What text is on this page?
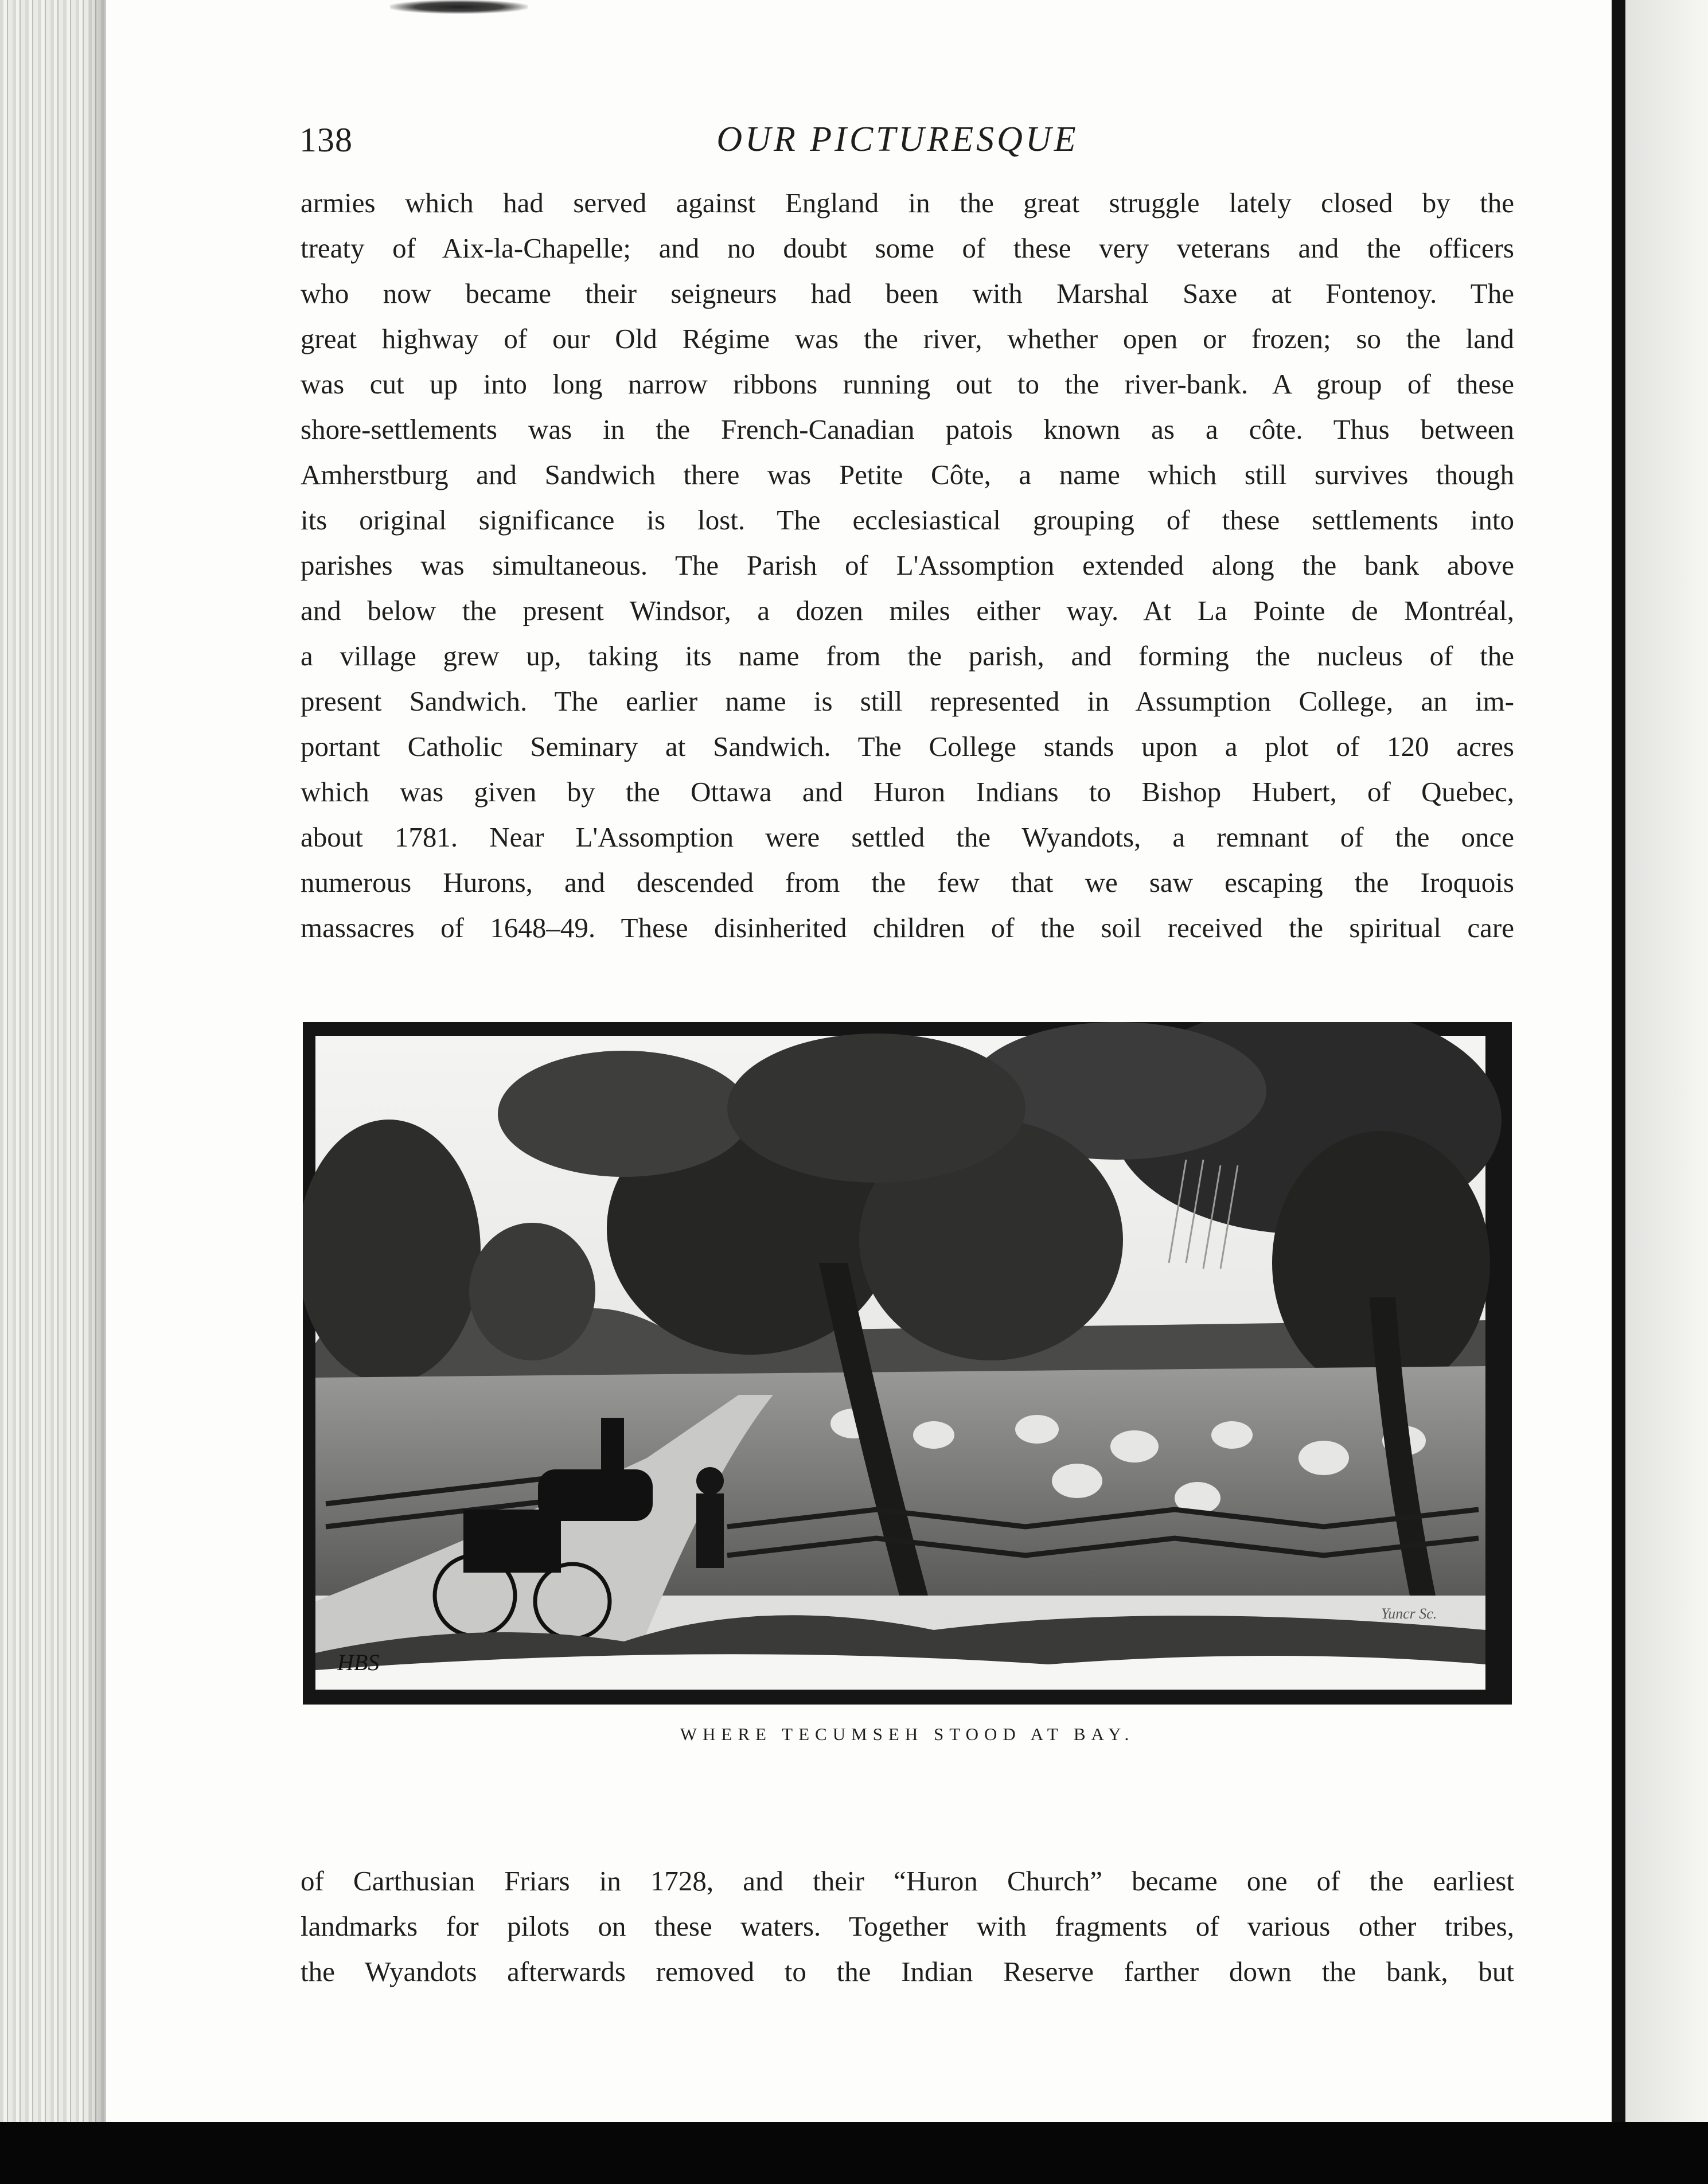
138	OUR PICTURESQUE
armies which had served against England in the great struggle lately closed by the
treaty of Aix-la-Chapelle; and no doubt some of these very veterans and the officers
who now became their seigneurs had been with Marshal Saxe at Fontenoy. The
great highway of our Old Régime was the river, whether open or frozen; so the land
was cut up into long narrow ribbons running out to the river-bank. A group of these
shore-settlements was in the French-Canadian patois known as a côte. Thus between
Amherstburg and Sandwich there was Petite Côte, a name which still survives though
its original significance is lost. The ecclesiastical grouping of these settlements into
parishes was simultaneous. The Parish of L'Assomption extended along the bank above
and below the present Windsor, a dozen miles either way. At La Pointe de Montréal,
a village grew up, taking its name from the parish, and forming the nucleus of the
present Sandwich. The earlier name is still represented in Assumption College, an im-
portant Catholic Seminary at Sandwich. The College stands upon a plot of 120 acres
which was given by the Ottawa and Huron Indians to Bishop Hubert, of Quebec,
about 1781. Near L'Assomption were settled the Wyandots, a remnant of the once
numerous Hurons, and descended from the few that we saw escaping the Iroquois
massacres of 1648–49. These disinherited children of the soil received the spiritual care
HBS
Yuncr Sc.
WHERE TECUMSEH STOOD AT BAY.
of Carthusian Friars in 1728, and their “Huron Church” became one of the earliest
landmarks for pilots on these waters. Together with fragments of various other tribes,
the Wyandots afterwards removed to the Indian Reserve farther down the bank, but
